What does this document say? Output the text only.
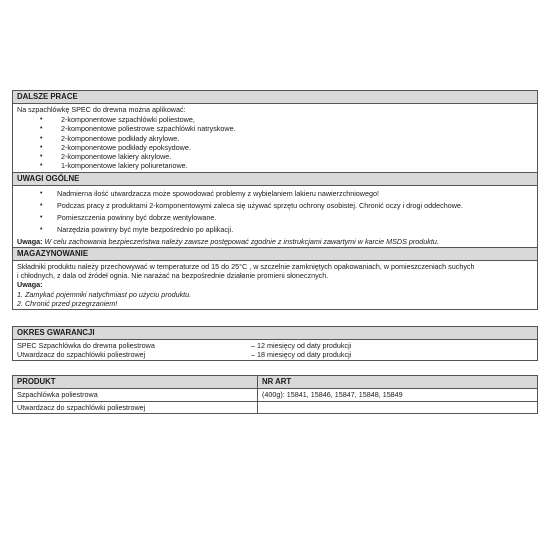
DALSZE PRACE

Na szpachlówkę SPEC do drewna można aplikować:
• 2-komponentowe szpachlówki poliestowe,
• 2-komponentowe poliestrowe szpachlówki natryskowe.
• 2-komponentowe podkłady akrylowe.
• 2-komponentowe podkłady epoksydowe.
• 2-komponentowe lakiery akrylowe.
• 1-komponentowe lakiery poliuretanowe.

UWAGI OGÓLNE

• Nadmierna ilość utwardzacza może spowodować problemy z wybielaniem lakieru nawierzchniowego!
• Podczas pracy z produktami 2-komponentowymi zaleca się używać sprzętu ochrony osobistej. Chronić oczy i drogi oddechowe.
• Pomieszczenia powinny być dobrze wentylowane.
• Narzędzia powinny być myte bezpośrednio po aplikacji.
Uwaga: W celu zachowania bezpieczeństwa należy zawsze postępować zgodnie z instrukcjami zawartymi w karcie MSDS produktu.

MAGAZYNOWANIE

Składniki produktu należy przechowywać w temperaturze od 15 do 25°C , w szczelnie zamkniętych opakowaniach, w pomieszczeniach suchych
i chłodnych, z dala od źródeł ognia. Nie narażać na bezpośrednie działanie promieni słonecznych.
Uwaga:
1. Zamykać pojemniki natychmiast po użyciu produktu.
2. Chronić przed przegrzaniem!
OKRES GWARANCJI

SPEC Szpachlówka do drewna poliestrowa	– 12 miesięcy od daty produkcji
Utwardzacz do szpachlówki poliestrowej	– 18 miesięcy od daty produkcji
PRODUKT	NR ART
Szpachlówka poliestrowa	(400g): 15841, 15846, 15847, 15848, 15849
Utwardzacz do szpachlówki poliestrowej	
